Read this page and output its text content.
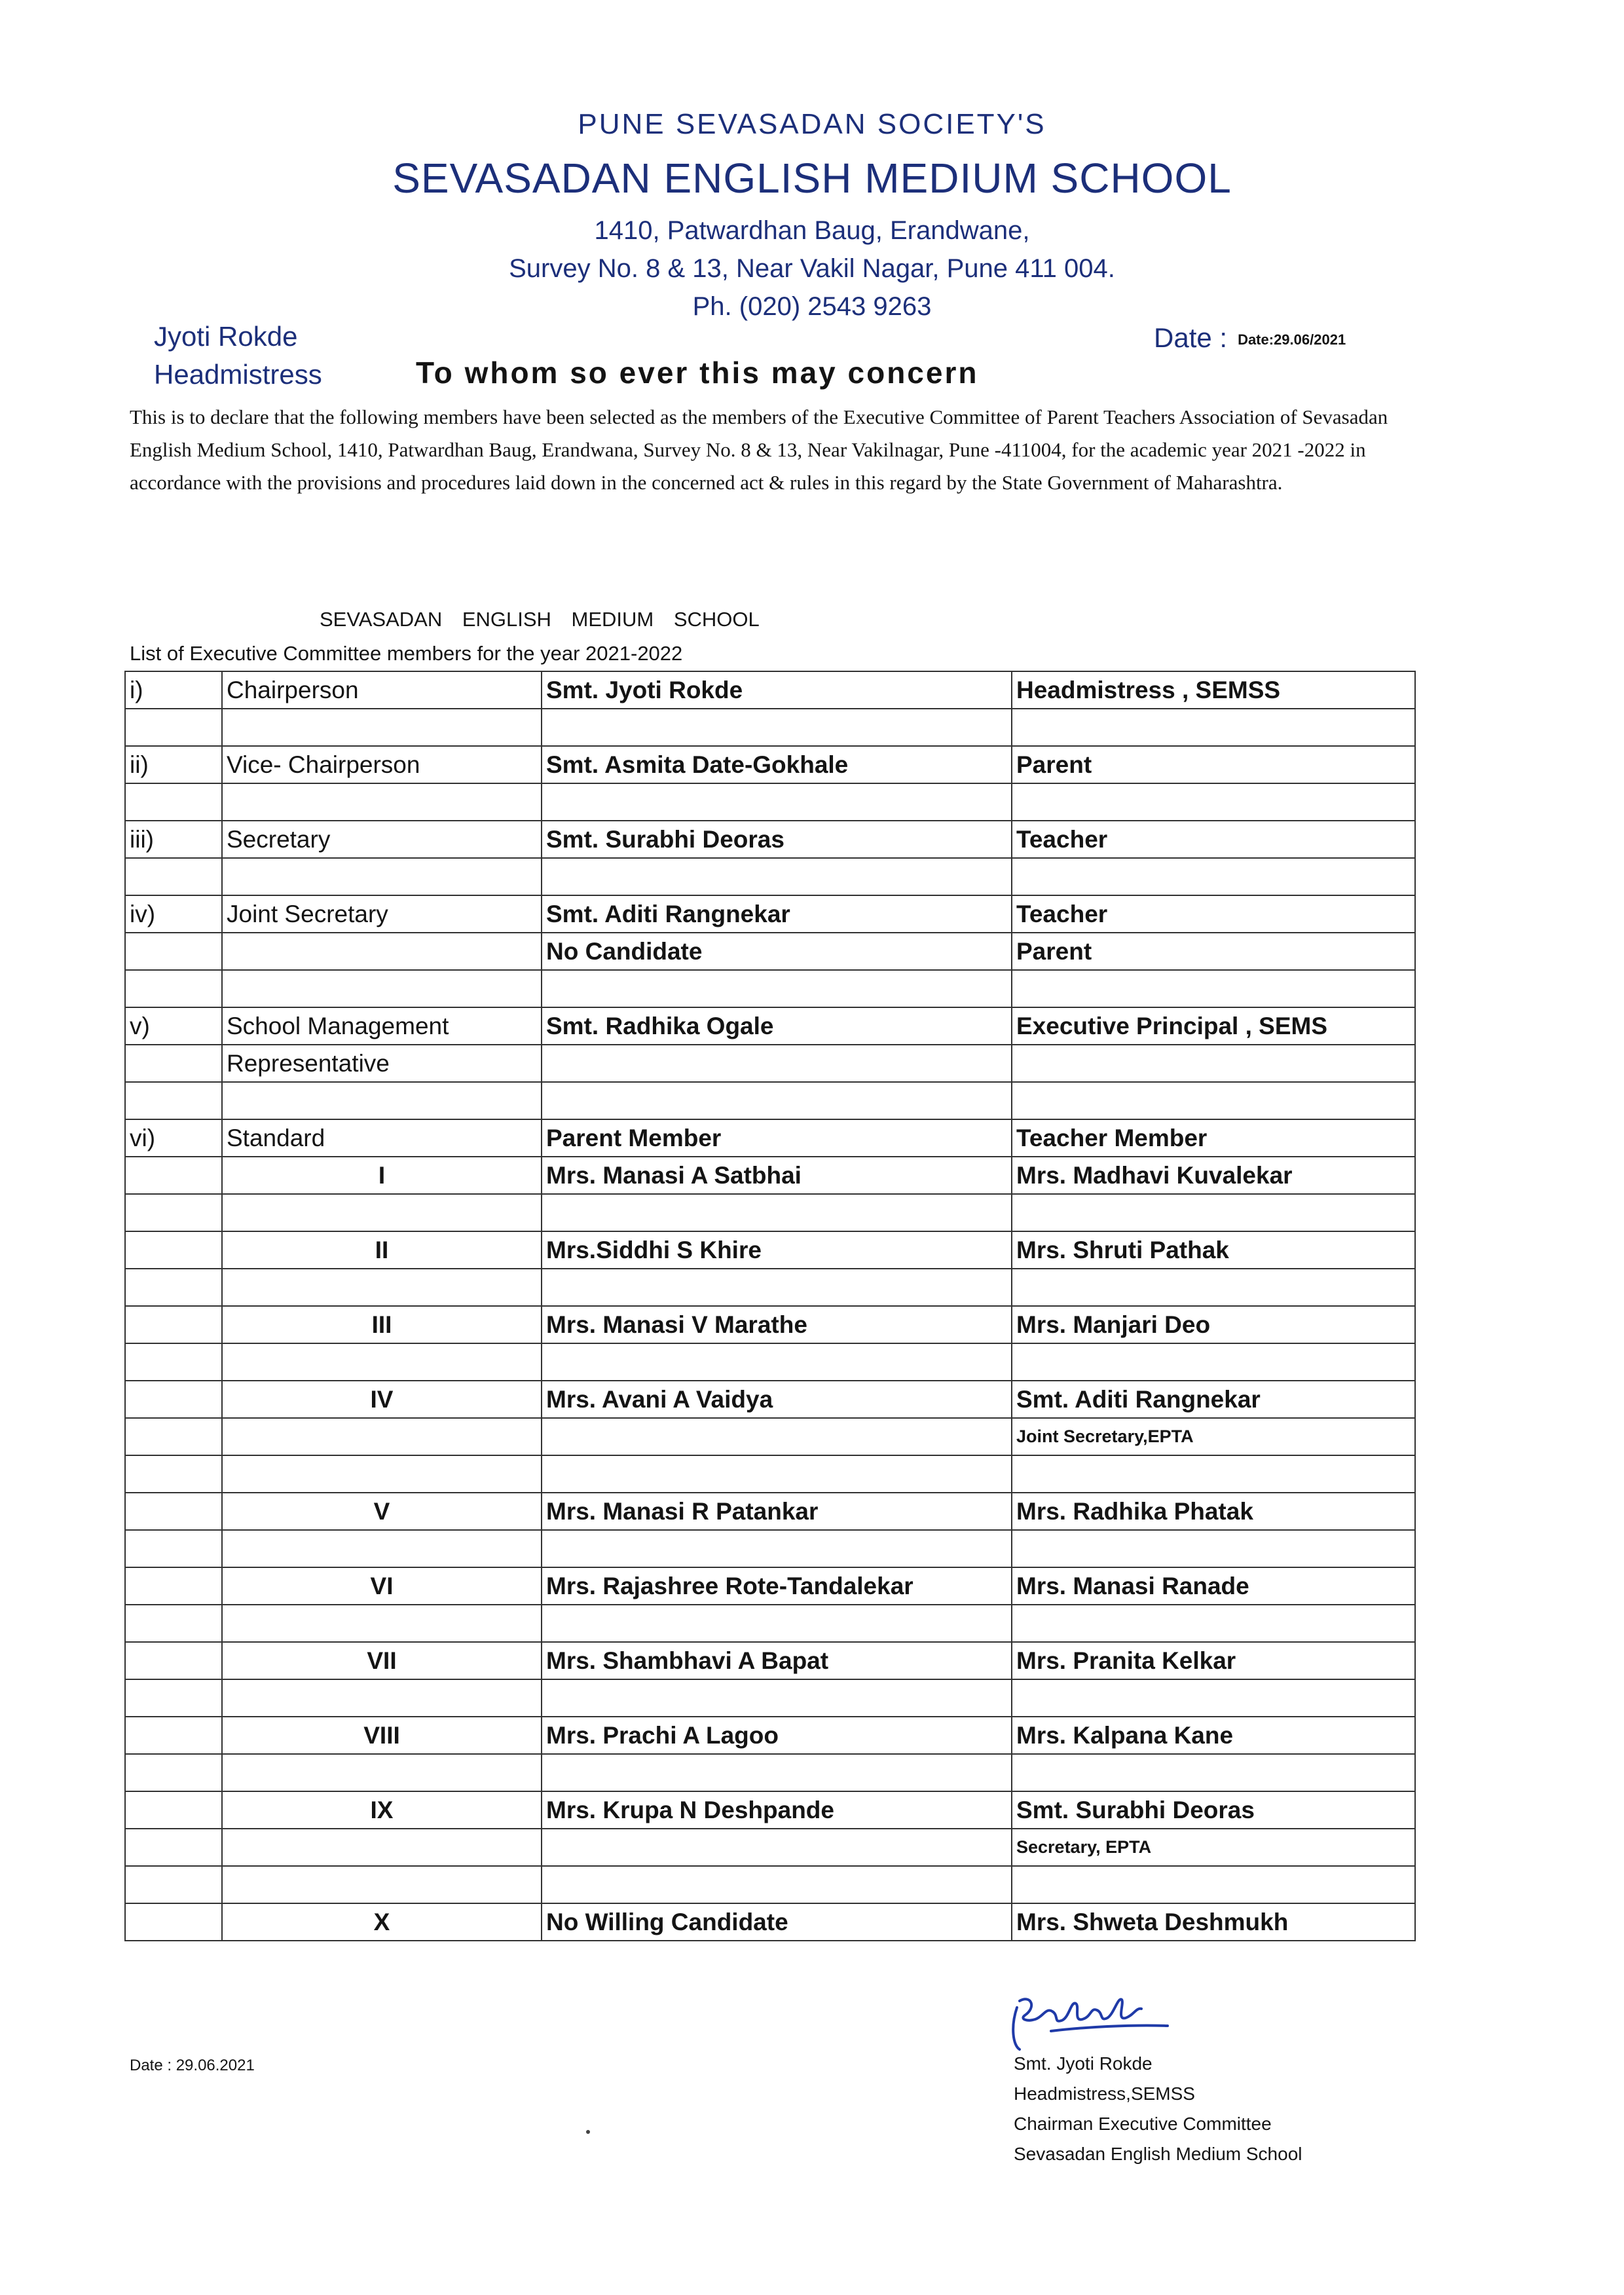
PUNE SEVASADAN SOCIETY'S
SEVASADAN ENGLISH MEDIUM SCHOOL
1410, Patwardhan Baug, Erandwane,
Survey No. 8 & 13, Near Vakil Nagar, Pune 411 004.
Ph. (020) 2543 9263
Jyoti Rokde
Headmistress
Date : Date:29.06/2021
To whom so ever this may concern
This is to declare that the following members have been selected as the members of the Executive Committee of Parent Teachers Association of Sevasadan English Medium School, 1410, Patwardhan Baug, Erandwana, Survey No. 8 & 13, Near Vakilnagar, Pune -411004, for the academic year 2021 -2022 in accordance with the provisions and procedures laid down in the concerned act & rules in this regard by the State Government of Maharashtra.
SEVASADAN ENGLISH MEDIUM SCHOOL
List of Executive Committee members for the year 2021-2022
i)	Chairperson	Smt. Jyoti Rokde	Headmistress , SEMSS

ii)	Vice- Chairperson	Smt. Asmita Date-Gokhale	Parent

iii)	Secretary	Smt. Surabhi Deoras	Teacher

iv)	Joint Secretary	Smt. Aditi Rangnekar	Teacher
		No Candidate	Parent

v)	School Management	Smt. Radhika Ogale	Executive Principal , SEMS
	Representative		

vi)	Standard	Parent Member	Teacher Member
	I	Mrs. Manasi A Satbhai	Mrs. Madhavi Kuvalekar

	II	Mrs.Siddhi S Khire	Mrs. Shruti Pathak

	III	Mrs. Manasi V Marathe	Mrs. Manjari Deo

	IV	Mrs. Avani A Vaidya	Smt. Aditi Rangnekar
			Joint Secretary,EPTA

	V	Mrs. Manasi R Patankar	Mrs. Radhika Phatak

	VI	Mrs. Rajashree Rote-Tandalekar	Mrs. Manasi Ranade

	VII	Mrs. Shambhavi A Bapat	Mrs. Pranita Kelkar

	VIII	Mrs. Prachi A Lagoo	Mrs. Kalpana Kane

	IX	Mrs. Krupa N Deshpande	Smt. Surabhi Deoras
			Secretary, EPTA

	X	No Willing Candidate	Mrs. Shweta Deshmukh
Date : 29.06.2021	Smt. Jyoti Rokde
Headmistress,SEMSS
Chairman Executive Committee
Sevasadan English Medium School
